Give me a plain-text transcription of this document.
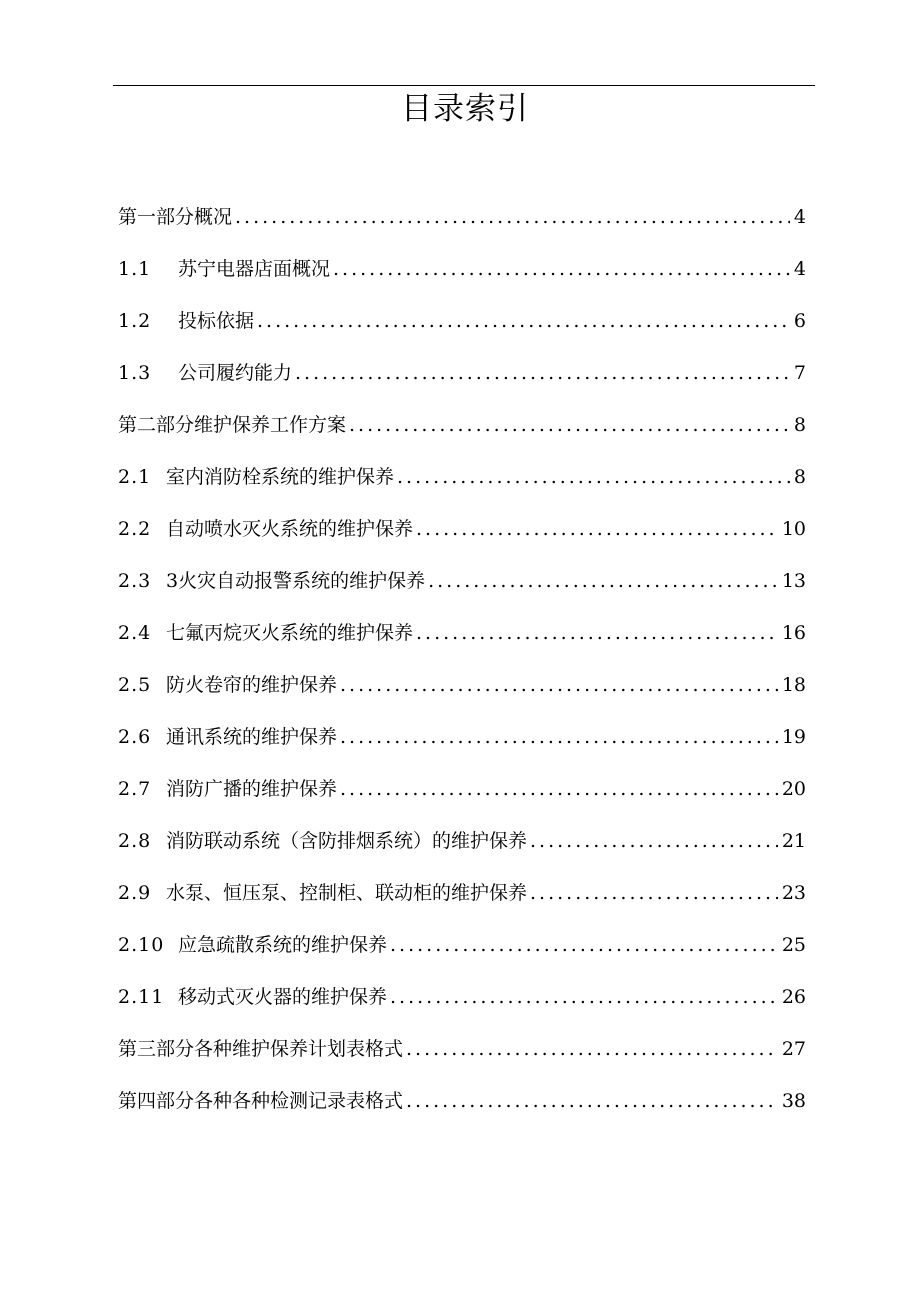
目录索引
第一部分概况 .....	4
1.1	苏宁电器店面概况 .....	4
1.2	投标依据 .....	6
1.3	公司履约能力 .....	7
第二部分维护保养工作方案 .....	8
2.1 室内消防栓系统的维护保养 .....	8
2.2 自动喷水灭火系统的维护保养 .....	10
2.3 3火灾自动报警系统的维护保养 .....	13
2.4 七氟丙烷灭火系统的维护保养 .....	16
2.5 防火卷帘的维护保养 .....	18
2.6 通讯系统的维护保养 .....	19
2.7 消防广播的维护保养 .....	20
2.8 消防联动系统（含防排烟系统）的维护保养 .....	21
2.9 水泵、恒压泵、控制柜、联动柜的维护保养 .....	23
2.10 应急疏散系统的维护保养 .....	25
2.11 移动式灭火器的维护保养 .....	26
第三部分各种维护保养计划表格式 .....	27
第四部分各种各种检测记录表格式 .....	38
